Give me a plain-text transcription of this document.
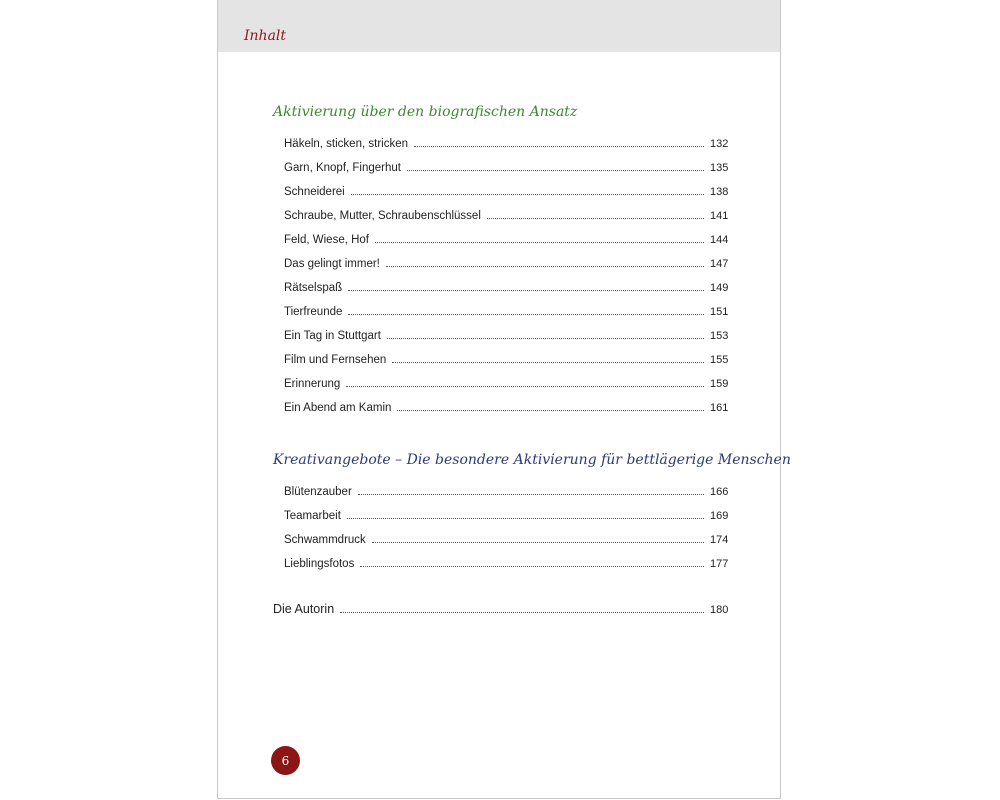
Inhalt
Aktivierung über den biografischen Ansatz
Häkeln, sticken, stricken	132
Garn, Knopf, Fingerhut	135
Schneiderei	138
Schraube, Mutter, Schraubenschlüssel	141
Feld, Wiese, Hof	144
Das gelingt immer!	147
Rätselspaß	149
Tierfreunde	151
Ein Tag in Stuttgart	153
Film und Fernsehen	155
Erinnerung	159
Ein Abend am Kamin	161
Kreativangebote – Die besondere Aktivierung für bettlägerige Menschen
Blütenzauber	166
Teamarbeit	169
Schwammdruck	174
Lieblingsfotos	177
Die Autorin	180
6
